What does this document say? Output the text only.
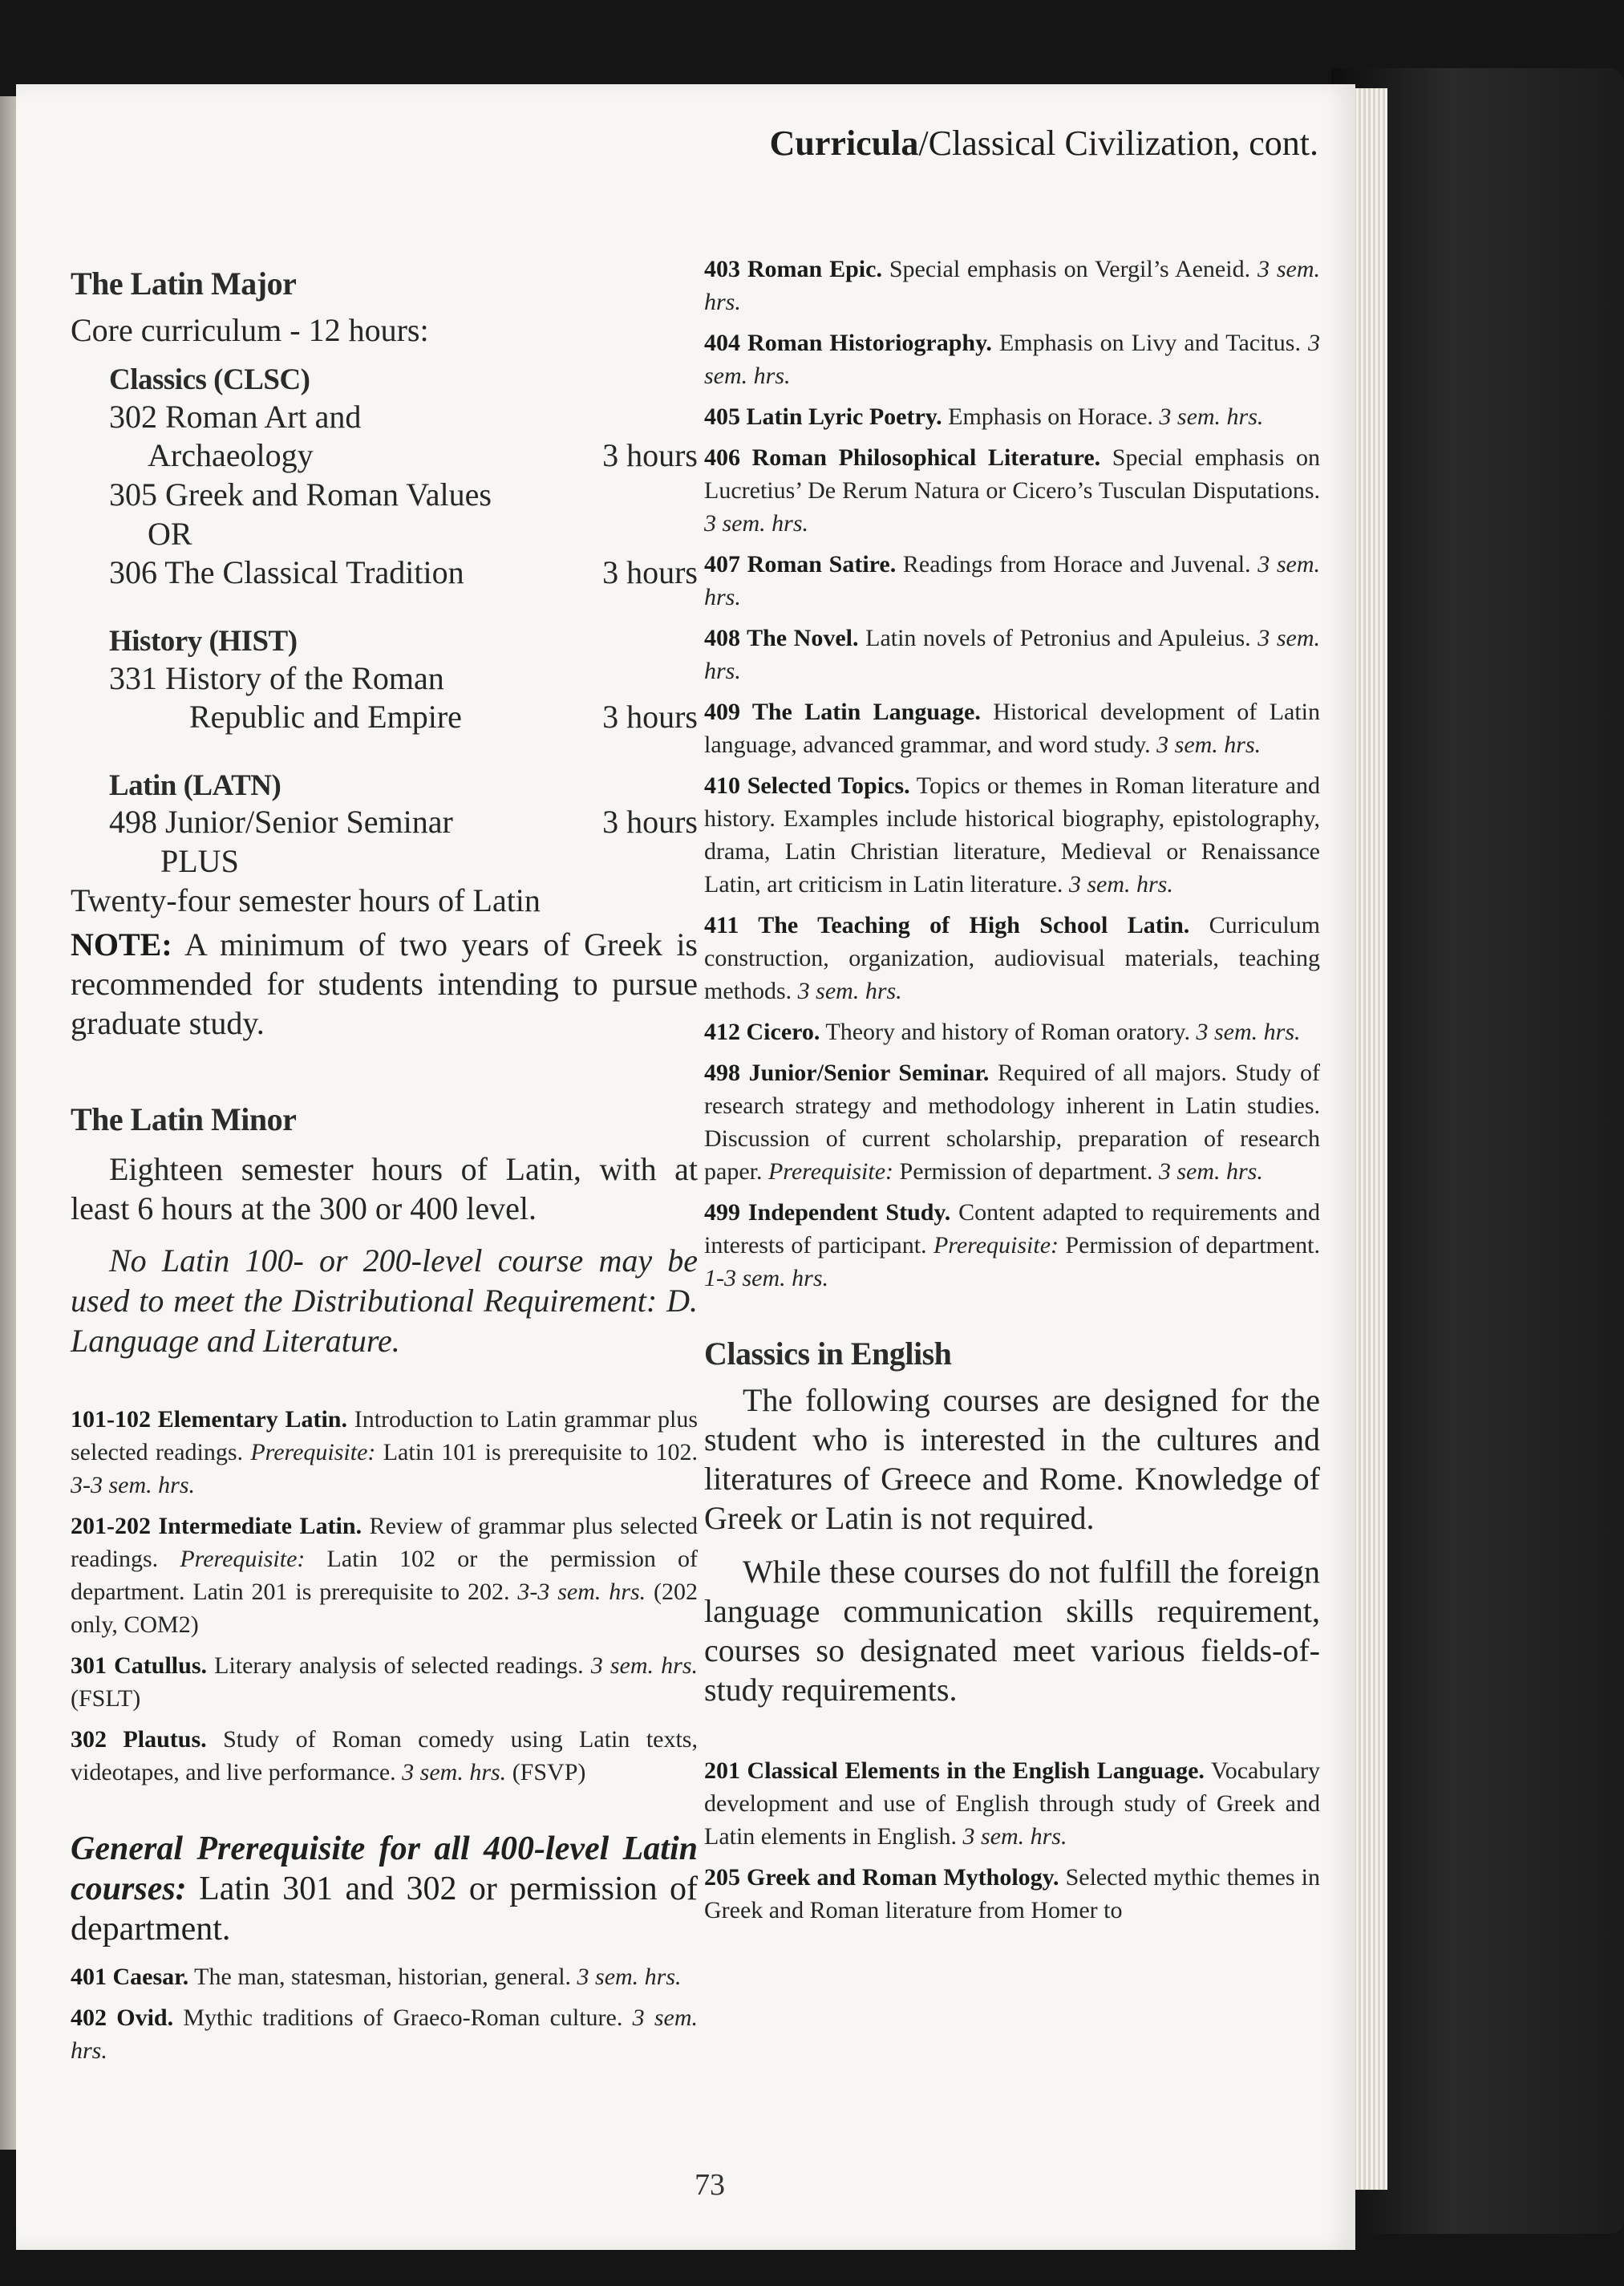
Curricula/Classical Civilization, cont.
The Latin Major
Core curriculum - 12 hours:
Classics (CLSC)
302 Roman Art and
Archaeology	3 hours
305 Greek and Roman Values
OR
306 The Classical Tradition	3 hours
History (HIST)
331 History of the Roman
Republic and Empire	3 hours
Latin (LATN)
498 Junior/Senior Seminar	3 hours
PLUS
Twenty-four semester hours of Latin
NOTE: A minimum of two years of Greek is recommended for students intending to pursue graduate study.
The Latin Minor
Eighteen semester hours of Latin, with at least 6 hours at the 300 or 400 level.
No Latin 100- or 200-level course may be used to meet the Distributional Requirement: D. Language and Literature.
101-102 Elementary Latin. Introduction to Latin grammar plus selected readings. Prerequisite: Latin 101 is prerequisite to 102. 3-3 sem. hrs.
201-202 Intermediate Latin. Review of grammar plus selected readings. Prerequisite: Latin 102 or the permission of department. Latin 201 is prerequisite to 202. 3-3 sem. hrs. (202 only, COM2)
301 Catullus. Literary analysis of selected readings. 3 sem. hrs. (FSLT)
302 Plautus. Study of Roman comedy using Latin texts, videotapes, and live performance. 3 sem. hrs. (FSVP)
General Prerequisite for all 400-level Latin courses: Latin 301 and 302 or permission of department.
401 Caesar. The man, statesman, historian, general. 3 sem. hrs.
402 Ovid. Mythic traditions of Graeco-Roman culture. 3 sem. hrs.
403 Roman Epic. Special emphasis on Vergil’s Aeneid. 3 sem. hrs.
404 Roman Historiography. Emphasis on Livy and Tacitus. 3 sem. hrs.
405 Latin Lyric Poetry. Emphasis on Horace. 3 sem. hrs.
406 Roman Philosophical Literature. Special emphasis on Lucretius’ De Rerum Natura or Cicero’s Tusculan Disputations. 3 sem. hrs.
407 Roman Satire. Readings from Horace and Juvenal. 3 sem. hrs.
408 The Novel. Latin novels of Petronius and Apuleius. 3 sem. hrs.
409 The Latin Language. Historical development of Latin language, advanced grammar, and word study. 3 sem. hrs.
410 Selected Topics. Topics or themes in Roman literature and history. Examples include historical biography, epistolography, drama, Latin Christian literature, Medieval or Renaissance Latin, art criticism in Latin literature. 3 sem. hrs.
411 The Teaching of High School Latin. Curriculum construction, organization, audiovisual materials, teaching methods. 3 sem. hrs.
412 Cicero. Theory and history of Roman oratory. 3 sem. hrs.
498 Junior/Senior Seminar. Required of all majors. Study of research strategy and methodology inherent in Latin studies. Discussion of current scholarship, preparation of research paper. Prerequisite: Permission of department. 3 sem. hrs.
499 Independent Study. Content adapted to requirements and interests of participant. Prerequisite: Permission of department. 1-3 sem. hrs.
Classics in English
The following courses are designed for the student who is interested in the cultures and literatures of Greece and Rome. Knowledge of Greek or Latin is not required.
While these courses do not fulfill the foreign language communication skills requirement, courses so designated meet various fields-of-study requirements.
201 Classical Elements in the English Language. Vocabulary development and use of English through study of Greek and Latin elements in English. 3 sem. hrs.
205 Greek and Roman Mythology. Selected mythic themes in Greek and Roman literature from Homer to
73
